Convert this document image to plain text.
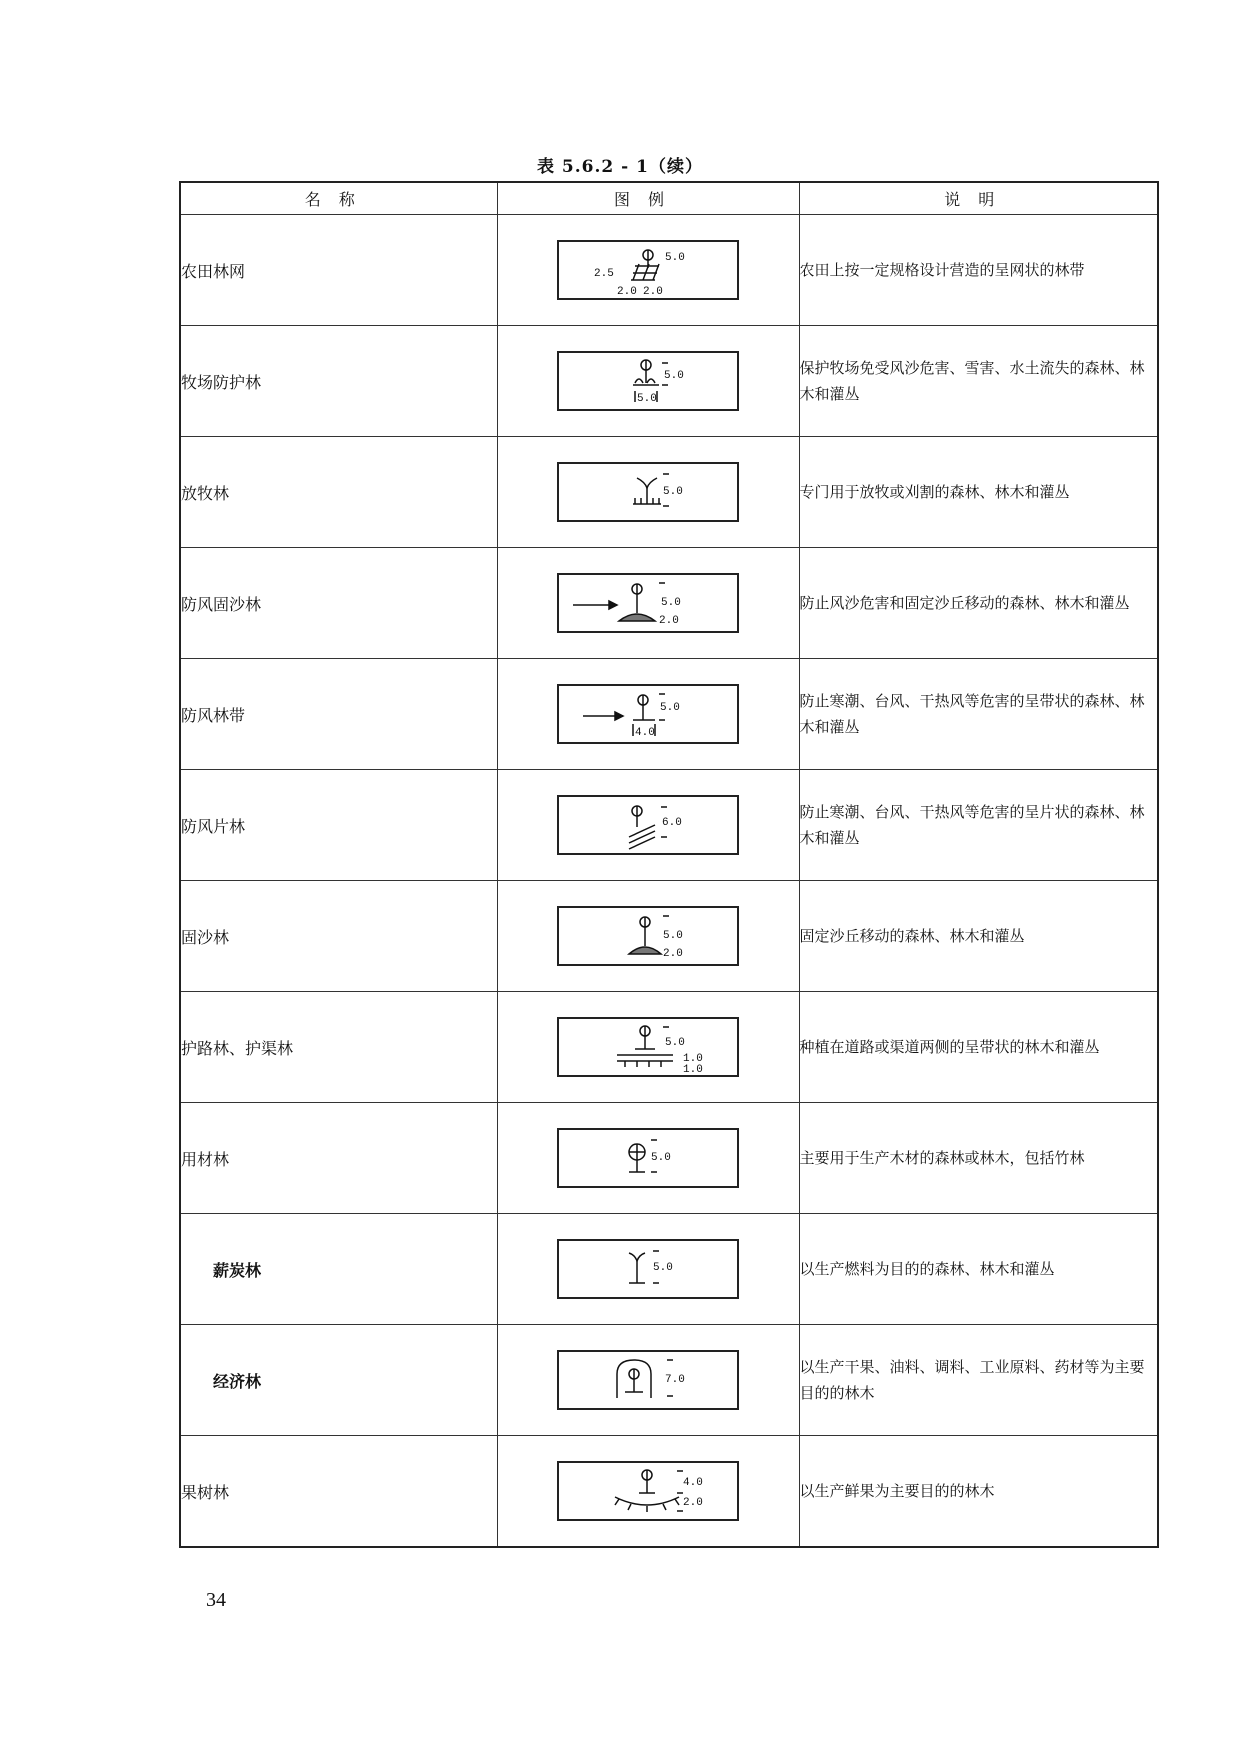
表 5.6.2 - 1（续）
名称	图例	说明
农田林网	5.0
2.5
2.0 2.0	农田上按一定规格设计营造的呈网状的林带
牧场防护林	5.0
5.0	保护牧场免受风沙危害、雪害、水土流失的森林、林木和灌丛
放牧林	5.0	专门用于放牧或刈割的森林、林木和灌丛
防风固沙林	5.0
2.0	防止风沙危害和固定沙丘移动的森林、林木和灌丛
防风林带	5.0
4.0	防止寒潮、台风、干热风等危害的呈带状的森林、林木和灌丛
防风片林	6.0	防止寒潮、台风、干热风等危害的呈片状的森林、林木和灌丛
固沙林	5.0
2.0	固定沙丘移动的森林、林木和灌丛
护路林、护渠林	5.0
1.0
1.0	种植在道路或渠道两侧的呈带状的林木和灌丛
用材林	5.0	主要用于生产木材的森林或林木，包括竹林
薪炭林	5.0	以生产燃料为目的的森林、林木和灌丛
经济林	7.0	以生产干果、油料、调料、工业原料、药材等为主要目的的林木
果树林	4.0
2.0	以生产鲜果为主要目的的林木
34
